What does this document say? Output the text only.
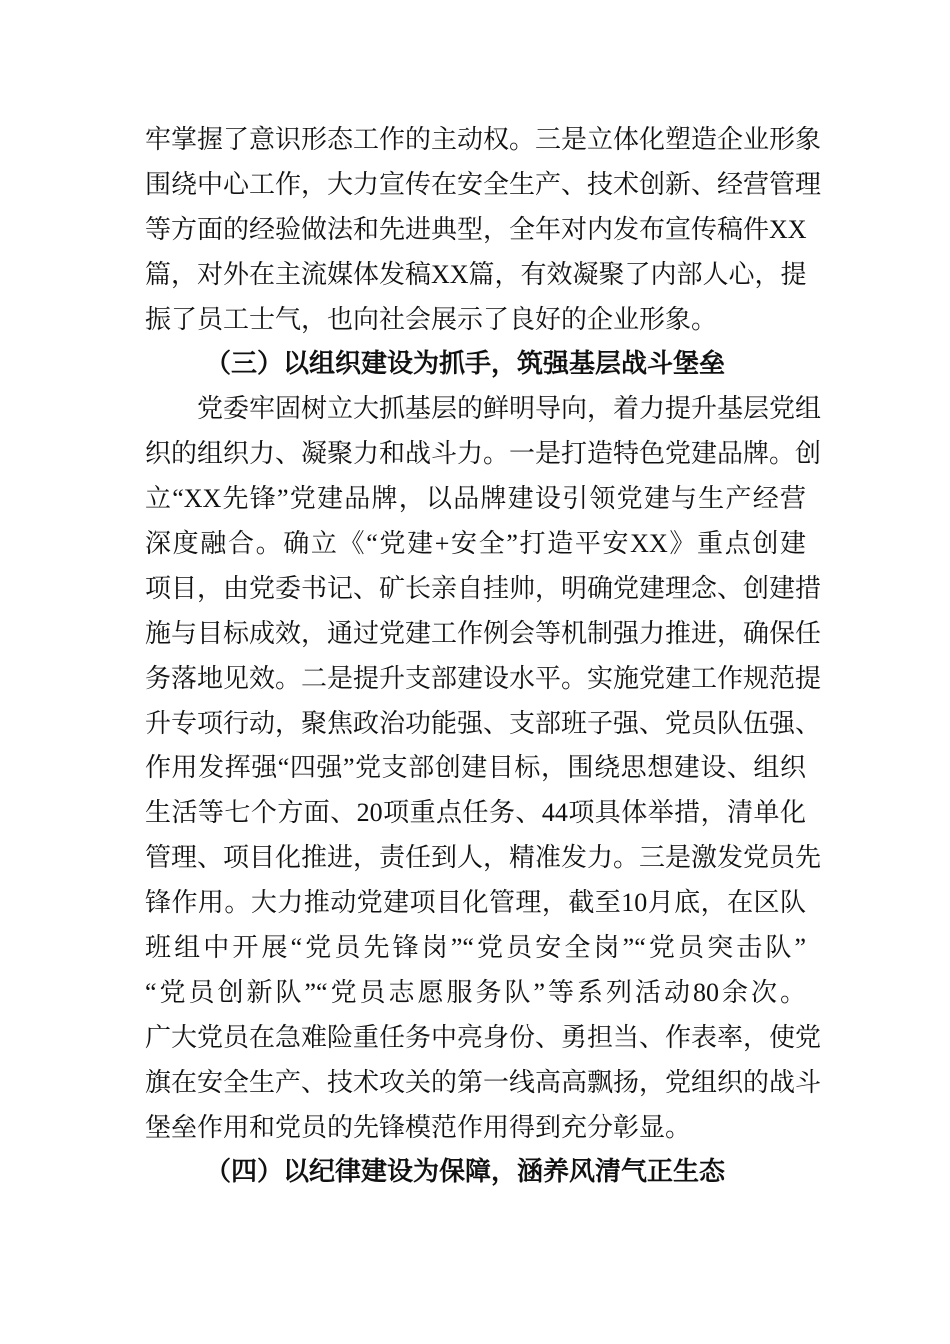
牢掌握了意识形态工作的主动权。三是立体化塑造企业形象
围绕中心工作，大力宣传在安全生产、技术创新、经营管理
等方面的经验做法和先进典型，全年对内发布宣传稿件XX
篇，对外在主流媒体发稿XX篇，有效凝聚了内部人心，提
振了员工士气，也向社会展示了良好的企业形象。
（三）以组织建设为抓手，筑强基层战斗堡垒
党委牢固树立大抓基层的鲜明导向，着力提升基层党组
织的组织力、凝聚力和战斗力。一是打造特色党建品牌。创
立“XX先锋”党建品牌，以品牌建设引领党建与生产经营
深度融合。确立《“党建+安全”打造平安XX》重点创建
项目，由党委书记、矿长亲自挂帅，明确党建理念、创建措
施与目标成效，通过党建工作例会等机制强力推进，确保任
务落地见效。二是提升支部建设水平。实施党建工作规范提
升专项行动，聚焦政治功能强、支部班子强、党员队伍强、
作用发挥强“四强”党支部创建目标，围绕思想建设、组织
生活等七个方面、20项重点任务、44项具体举措，清单化
管理、项目化推进，责任到人，精准发力。三是激发党员先
锋作用。大力推动党建项目化管理，截至10月底，在区队
班组中开展“党员先锋岗”“党员安全岗”“党员突击队”
“党员创新队”“党员志愿服务队”等系列活动80余次。
广大党员在急难险重任务中亮身份、勇担当、作表率，使党
旗在安全生产、技术攻关的第一线高高飘扬，党组织的战斗
堡垒作用和党员的先锋模范作用得到充分彰显。
（四）以纪律建设为保障，涵养风清气正生态
